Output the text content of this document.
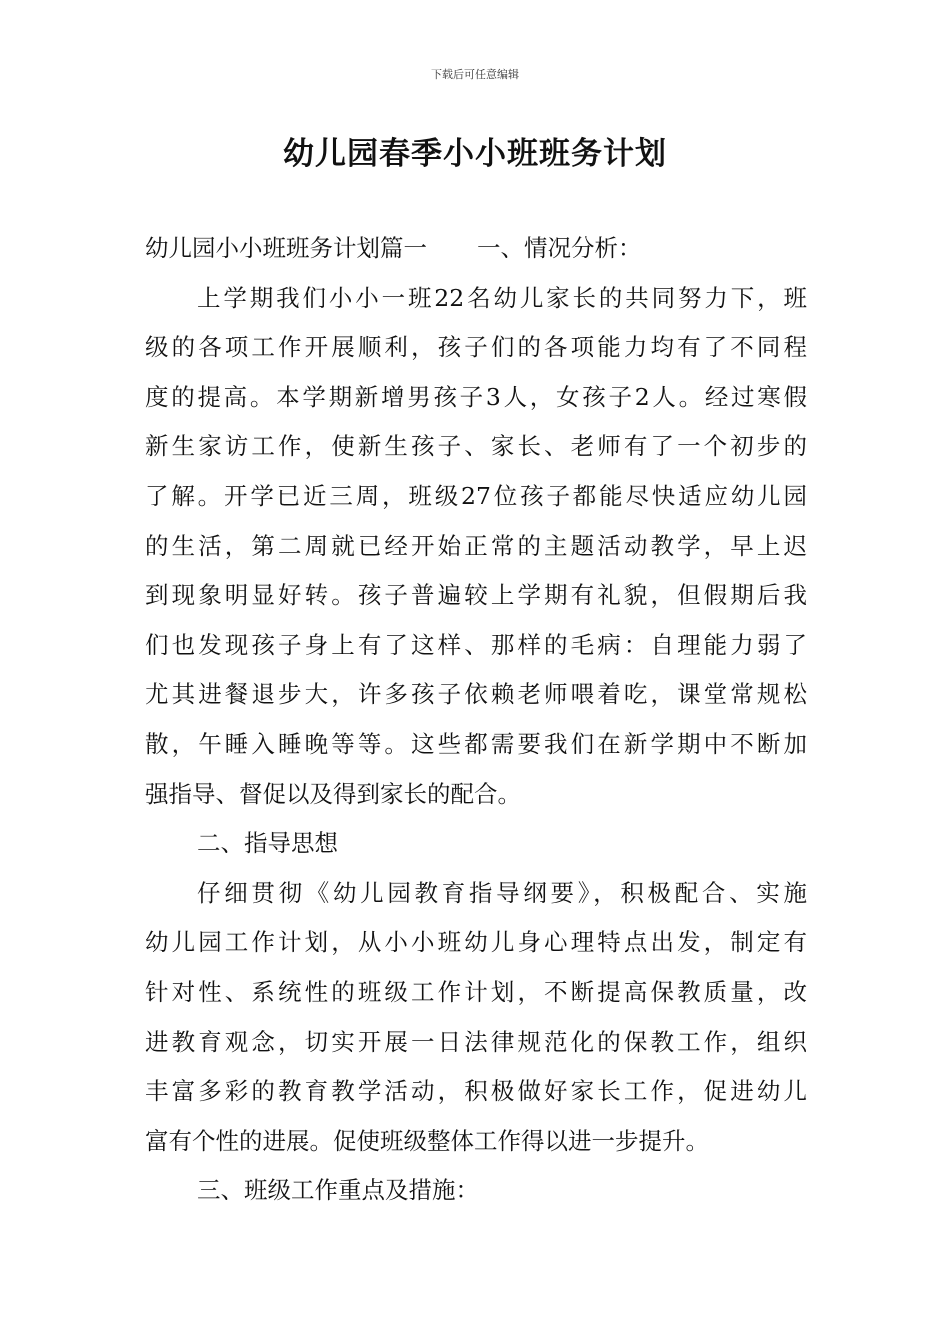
下载后可任意编辑
幼儿园春季小小班班务计划

幼儿园小小班班务计划篇一 一、情况分析：

上学期我们小小一班22名幼儿家长的共同努力下，班

级的各项工作开展顺利，孩子们的各项能力均有了不同程

度的提高。本学期新增男孩子3人，女孩子2人。经过寒假

新生家访工作，使新生孩子、家长、老师有了一个初步的

了解。开学已近三周，班级27位孩子都能尽快适应幼儿园

的生活，第二周就已经开始正常的主题活动教学，早上迟

到现象明显好转。孩子普遍较上学期有礼貌，但假期后我

们也发现孩子身上有了这样、那样的毛病：自理能力弱了

尤其进餐退步大，许多孩子依赖老师喂着吃，课堂常规松

散，午睡入睡晚等等。这些都需要我们在新学期中不断加

强指导、督促以及得到家长的配合。

二、指导思想

仔细贯彻《幼儿园教育指导纲要》，积极配合、实施

幼儿园工作计划，从小小班幼儿身心理特点出发，制定有

针对性、系统性的班级工作计划，不断提高保教质量，改

进教育观念，切实开展一日法律规范化的保教工作，组织

丰富多彩的教育教学活动，积极做好家长工作，促进幼儿

富有个性的进展。促使班级整体工作得以进一步提升。

三、班级工作重点及措施：
